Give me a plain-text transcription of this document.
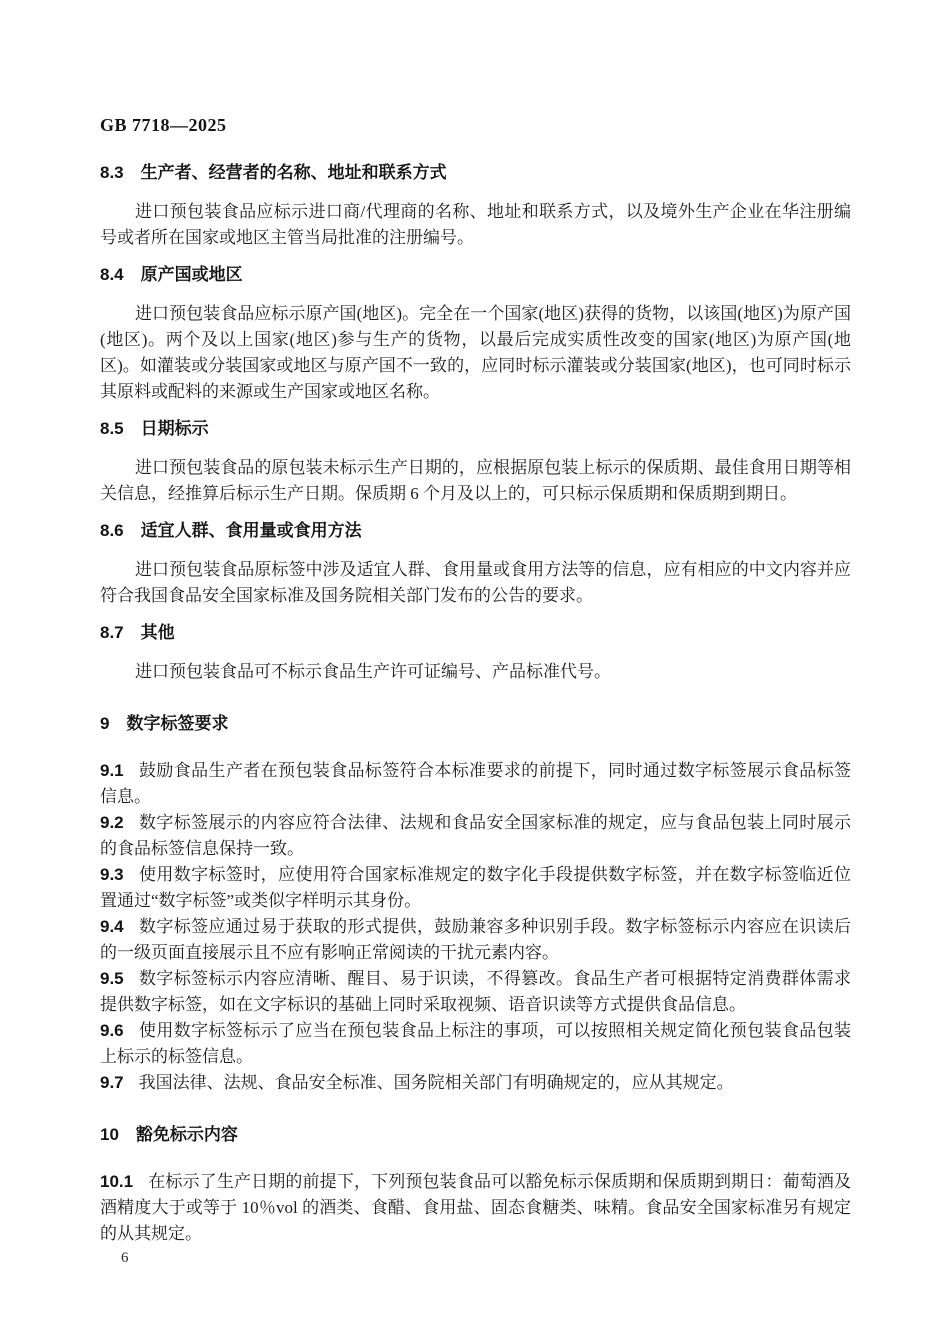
GB 7718—2025
8.3 生产者、经营者的名称、地址和联系方式

进口预包装食品应标示进口商/代理商的名称、地址和联系方式，以及境外生产企业在华注册编号或者所在国家或地区主管当局批准的注册编号。

8.4 原产国或地区

进口预包装食品应标示原产国(地区)。完全在一个国家(地区)获得的货物，以该国(地区)为原产国(地区)。两个及以上国家(地区)参与生产的货物，以最后完成实质性改变的国家(地区)为原产国(地区)。如灌装或分装国家或地区与原产国不一致的，应同时标示灌装或分装国家(地区)，也可同时标示其原料或配料的来源或生产国家或地区名称。

8.5 日期标示

进口预包装食品的原包装未标示生产日期的，应根据原包装上标示的保质期、最佳食用日期等相关信息，经推算后标示生产日期。保质期 6 个月及以上的，可只标示保质期和保质期到期日。

8.6 适宜人群、食用量或食用方法

进口预包装食品原标签中涉及适宜人群、食用量或食用方法等的信息，应有相应的中文内容并应符合我国食品安全国家标准及国务院相关部门发布的公告的要求。

8.7 其他

进口预包装食品可不标示食品生产许可证编号、产品标准代号。

9 数字标签要求

9.1 鼓励食品生产者在预包装食品标签符合本标准要求的前提下，同时通过数字标签展示食品标签信息。

9.2 数字标签展示的内容应符合法律、法规和食品安全国家标准的规定，应与食品包装上同时展示的食品标签信息保持一致。

9.3 使用数字标签时，应使用符合国家标准规定的数字化手段提供数字标签，并在数字标签临近位置通过“数字标签”或类似字样明示其身份。

9.4 数字标签应通过易于获取的形式提供，鼓励兼容多种识别手段。数字标签标示内容应在识读后的一级页面直接展示且不应有影响正常阅读的干扰元素内容。

9.5 数字标签标示内容应清晰、醒目、易于识读，不得篡改。食品生产者可根据特定消费群体需求提供数字标签，如在文字标识的基础上同时采取视频、语音识读等方式提供食品信息。

9.6 使用数字标签标示了应当在预包装食品上标注的事项，可以按照相关规定简化预包装食品包装上标示的标签信息。

9.7 我国法律、法规、食品安全标准、国务院相关部门有明确规定的，应从其规定。

10 豁免标示内容

10.1 在标示了生产日期的前提下，下列预包装食品可以豁免标示保质期和保质期到期日：葡萄酒及酒精度大于或等于 10％vol 的酒类、食醋、食用盐、固态食糖类、味精。食品安全国家标准另有规定的从其规定。

6
